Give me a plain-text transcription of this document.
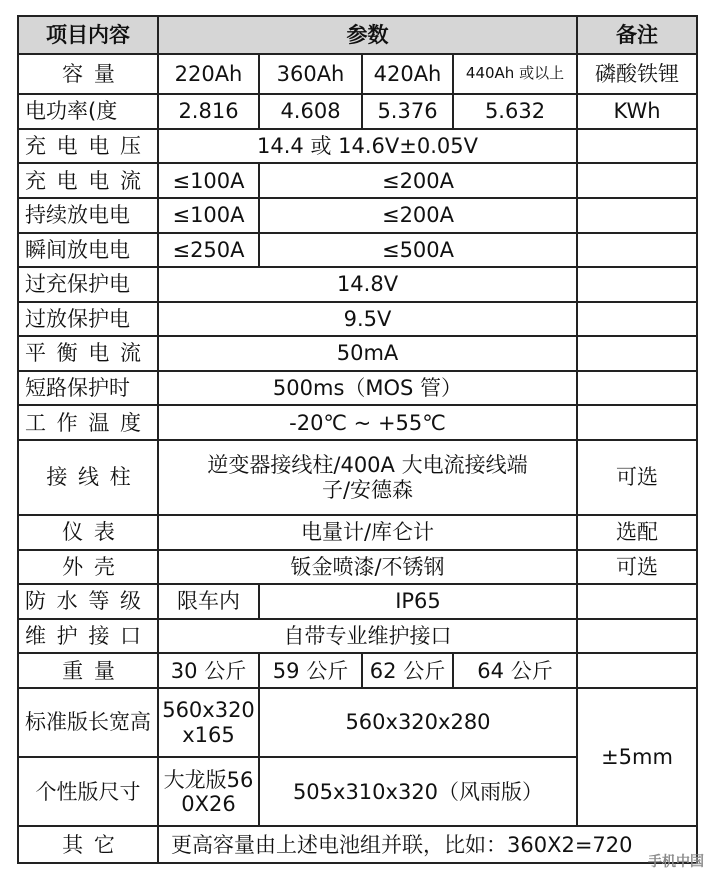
项目内容	参数				备注
容 量	220Ah	360Ah	420Ah	440Ah 或以上	磷酸铁锂
电功率(度	2.816	4.608	5.376	5.632	KWh
充 电 电 压	14.4 或 14.6V±0.05V				
充 电 电 流	≤100A	≤200A			
持续放电电	≤100A	≤200A			
瞬间放电电	≤250A	≤500A			
过充保护电	14.8V				
过放保护电	9.5V				
平 衡 电 流	50mA				
短路保护时	500ms（MOS 管）				
工 作 温 度	-20℃ ~ +55℃				
接 线 柱	逆变器接线柱/400A 大电流接线端子/安德森				可选
仪 表	电量计/库仑计				选配
外 壳	钣金喷漆/不锈钢				可选
防 水 等 级	限车内	IP65			
维 护 接 口	自带专业维护接口				
重 量	30 公斤	59 公斤	62 公斤	64 公斤	
标准版长宽高	560x320x165	560x320x280			±5mm
个性版尺寸	大龙版560X26	505x310x320（风雨版）			
其 它	更高容量由上述电池组并联，比如：360X2=720				
手机中国
